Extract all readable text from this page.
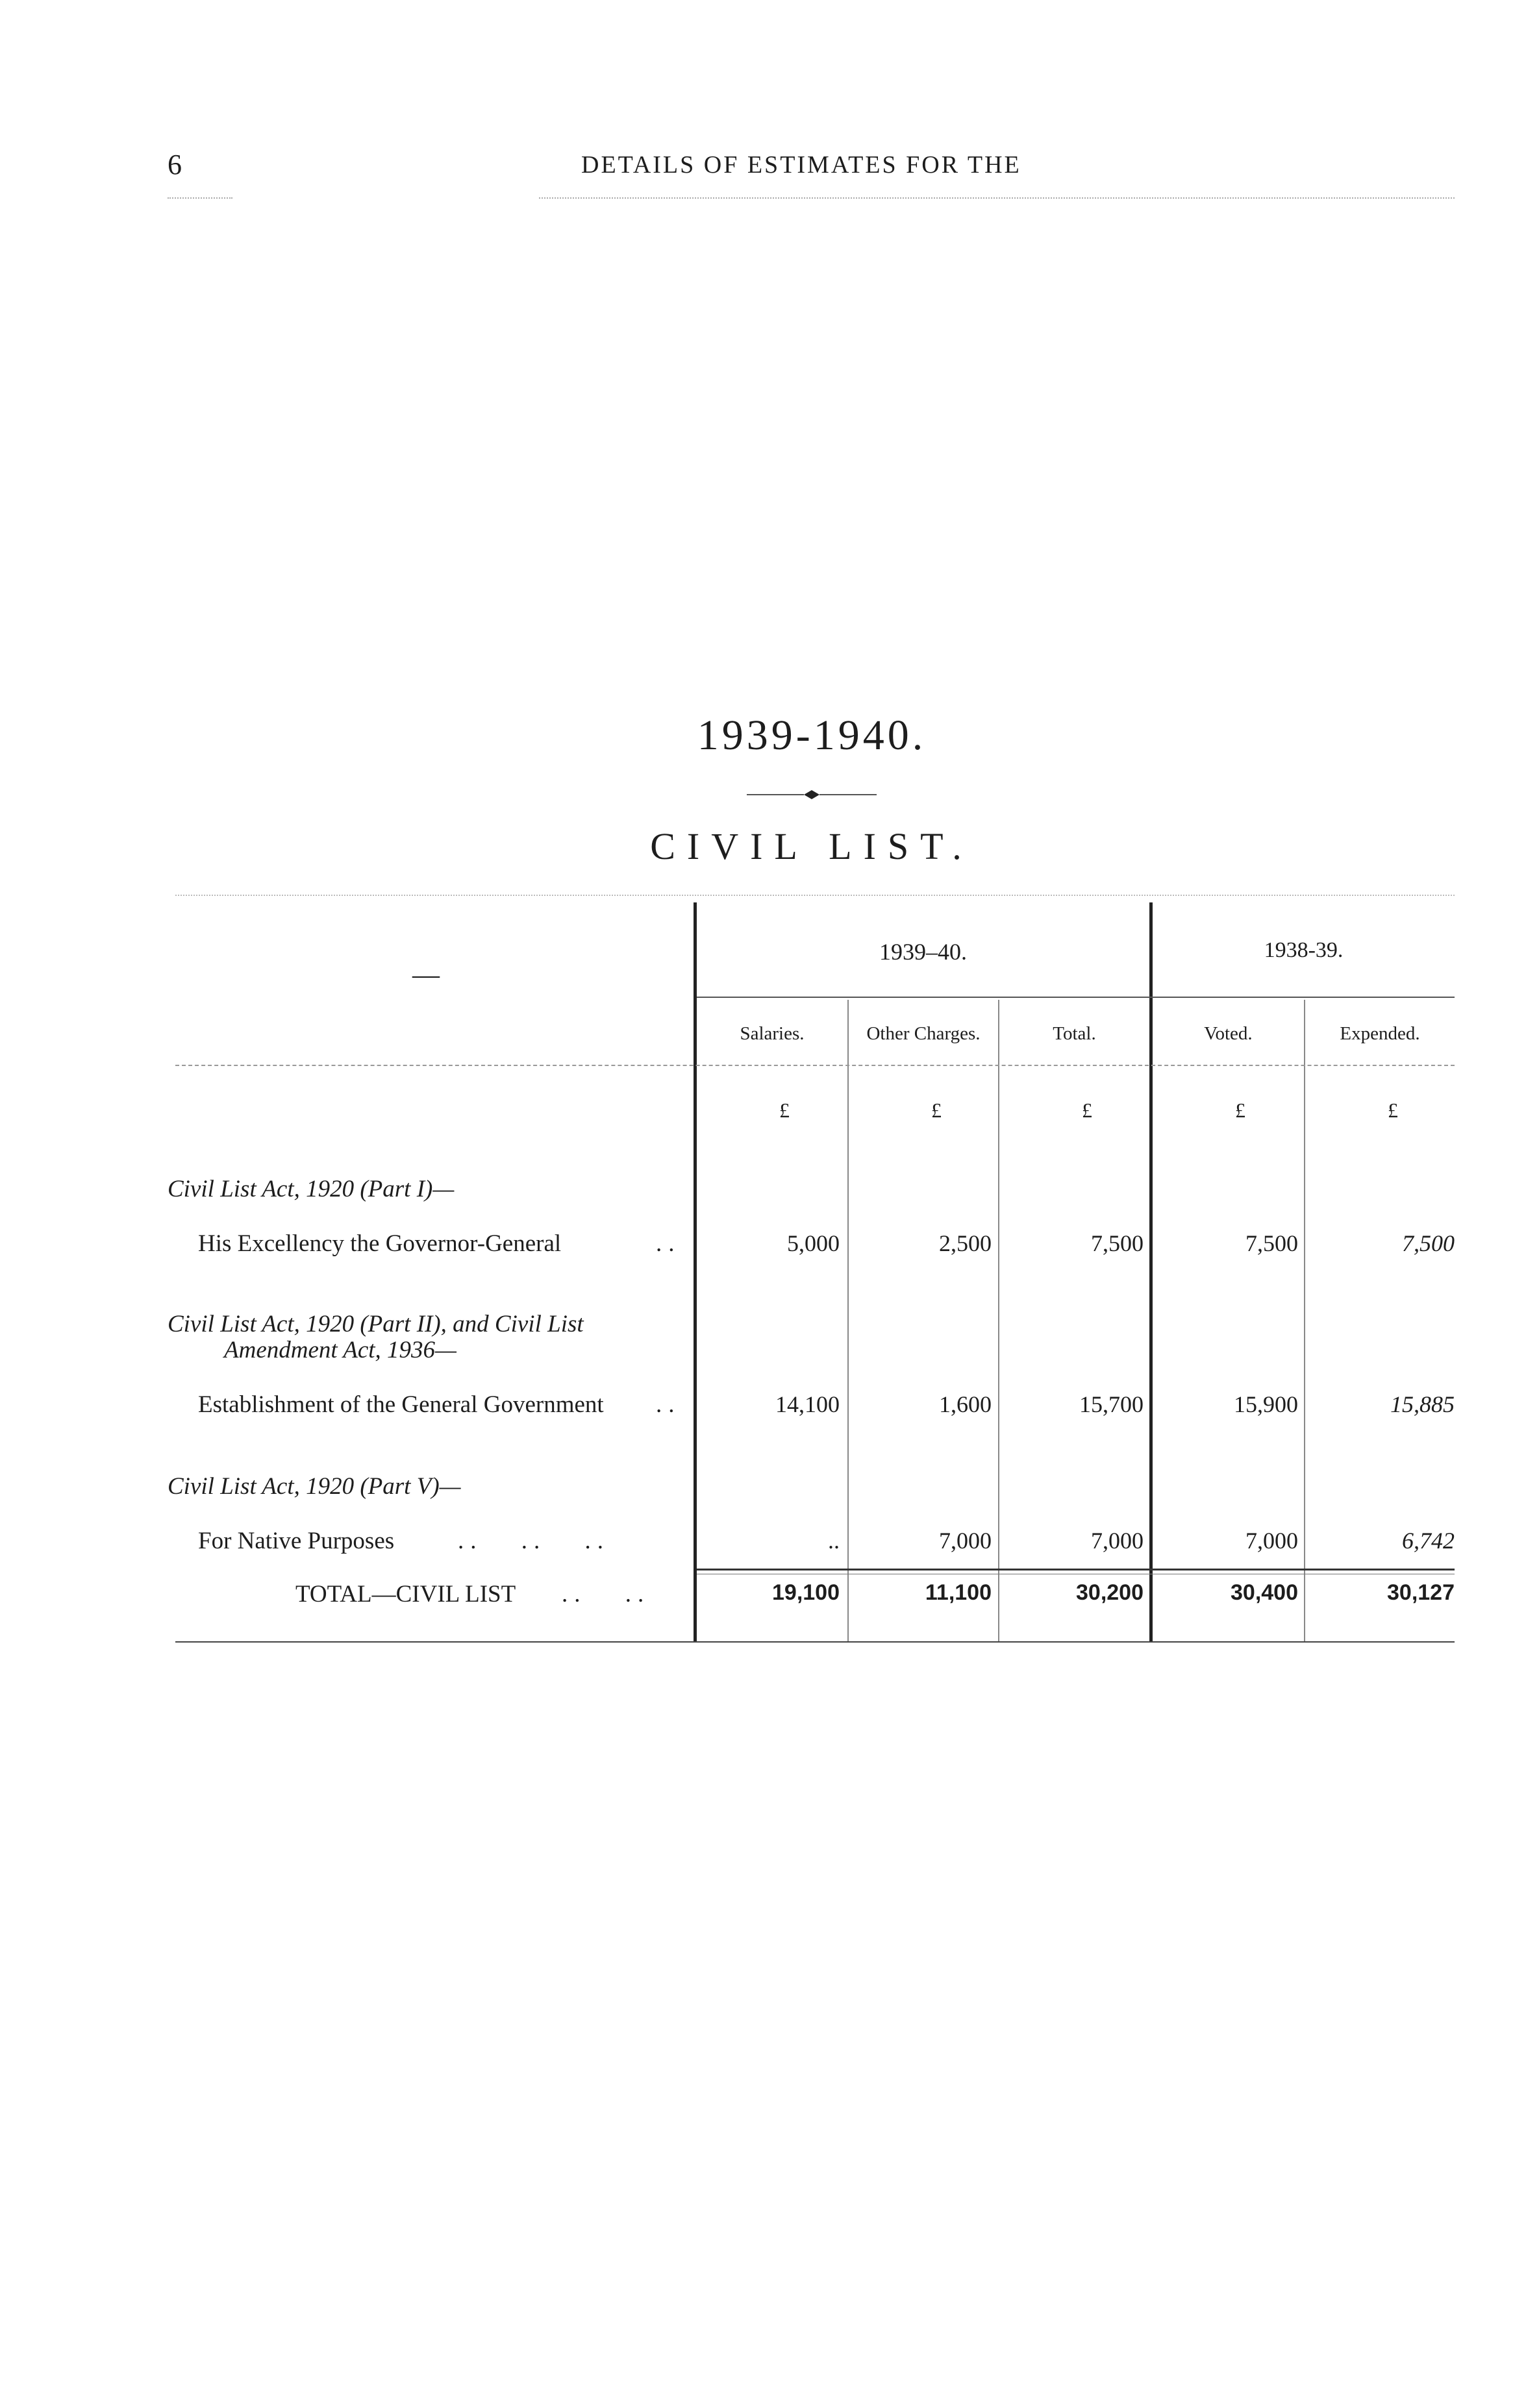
6	DETAILS OF ESTIMATES FOR THE
1939-1940.
CIVIL LIST.
—
1939–40.	1938-39.
Salaries.	Other Charges.	Total.	Voted.	Expended.
£	£	£	£	£
Civil List Act, 1920 (Part I)—
His Excellency the Governor-General	..	5,000	2,500	7,500	7,500	7,500
Civil List Act, 1920 (Part II), and Civil List
Amendment Act, 1936—
Establishment of the General Government ..	14,100	1,600	15,700	15,900	15,885
Civil List Act, 1920 (Part V)—
For Native Purposes	.. .. ..	..	7,000	7,000	7,000	6,742
TOTAL—CIVIL LIST .. ..	19,100	11,100	30,200	30,400	30,127
